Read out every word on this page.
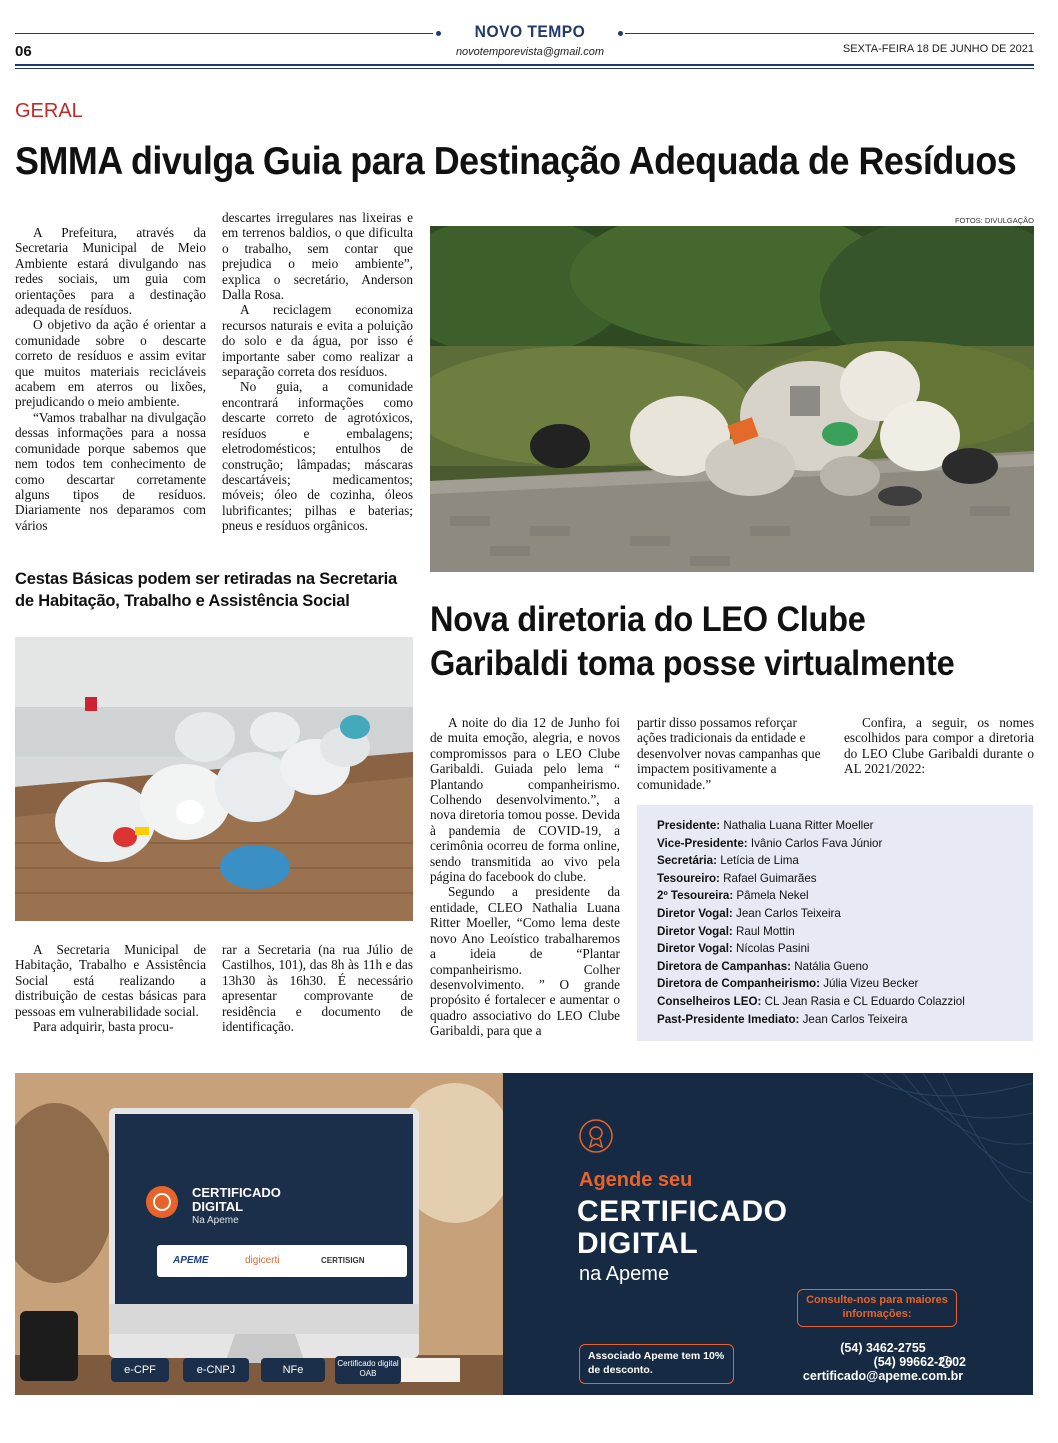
NOVO TEMPO
novotemporevista@gmail.com
06	SEXTA-FEIRA 18 DE JUNHO DE 2021
GERAL
SMMA divulga Guia para Destinação Adequada de Resíduos

A Prefeitura, através da Secretaria Municipal de Meio Ambiente estará divulgando nas redes sociais, um guia com orientações para a destinação adequada de resíduos.

O objetivo da ação é orientar a comunidade sobre o descarte correto de resíduos e assim evitar que muitos materiais recicláveis acabem em aterros ou lixões, prejudicando o meio ambiente.

“Vamos trabalhar na divulgação dessas informações para a nossa comunidade porque sabemos que nem todos tem conhecimento de como descartar corretamente alguns tipos de resíduos. Diariamente nos deparamos com vários

descartes irregulares nas lixeiras e em terrenos baldios, o que dificulta o trabalho, sem contar que prejudica o meio ambiente”, explica o secretário, Anderson Dalla Rosa.

A reciclagem economiza recursos naturais e evita a poluição do solo e da água, por isso é importante saber como realizar a separação correta dos resíduos.

No guia, a comunidade encontrará informações como descarte correto de agrotóxicos, resíduos e embalagens; eletrodomésticos; entulhos de construção; lâmpadas; máscaras descartáveis; medicamentos; móveis; óleo de cozinha, óleos lubrificantes; pilhas e baterias; pneus e resíduos orgânicos.

FOTOS: DIVULGAÇÃO
Cestas Básicas podem ser retiradas na Secretaria de Habitação, Trabalho e Assistência Social

A Secretaria Municipal de Habitação, Trabalho e Assistência Social está realizando a distribuição de cestas básicas para pessoas em vulnerabilidade social.

Para adquirir, basta procu-

rar a Secretaria (na rua Júlio de Castilhos, 101), das 8h às 11h e das 13h30 às 16h30. É necessário apresentar comprovante de residência e documento de identificação.

Nova diretoria do LEO Clube Garibaldi toma posse virtualmente

A noite do dia 12 de Junho foi de muita emoção, alegria, e novos compromissos para o LEO Clube Garibaldi. Guiada pelo lema “ Plantando companheirismo. Colhendo desenvolvimento.”, a nova diretoria tomou posse. Devida à pandemia de COVID-19, a cerimônia ocorreu de forma online, sendo transmitida ao vivo pela página do facebook do clube.

Segundo a presidente da entidade, CLEO Nathalia Luana Ritter Moeller, “Como lema deste novo Ano Leoístico trabalharemos a ideia de “Plantar companheirismo. Colher desenvolvimento. ” O grande propósito é fortalecer e aumentar o quadro associativo do LEO Clube Garibaldi, para que a

partir disso possamos reforçar ações tradicionais da entidade e desenvolver novas campanhas que impactem positivamente a comunidade.”

Confira, a seguir, os nomes escolhidos para compor a diretoria do LEO Clube Garibaldi durante o AL 2021/2022:

Presidente: Nathalia Luana Ritter Moeller
Vice-Presidente: Ivânio Carlos Fava Júnior
Secretária: Letícia de Lima
Tesoureiro: Rafael Guimarães
2º Tesoureira: Pâmela Nekel
Diretor Vogal: Jean Carlos Teixeira
Diretor Vogal: Raul Mottin
Diretor Vogal: Nícolas Pasini
Diretora de Campanhas: Natália Gueno
Diretora de Companheirismo: Júlia Vizeu Becker
Conselheiros LEO: CL Jean Rasia e CL Eduardo Colazziol
Past-Presidente Imediato: Jean Carlos Teixeira
CERTIFICADO
DIGITAL
Na Apeme
APEME	digicerti	CERTISIGN
e-CPF	e-CNPJ	NFe
Certificado digital OAB
Agende seu
CERTIFICADO
DIGITAL
na Apeme
Consulte-nos para maiores informações:
(54) 3462-2755
(54) 99662-2602
certificado@apeme.com.br
Associado Apeme tem 10% de desconto.
